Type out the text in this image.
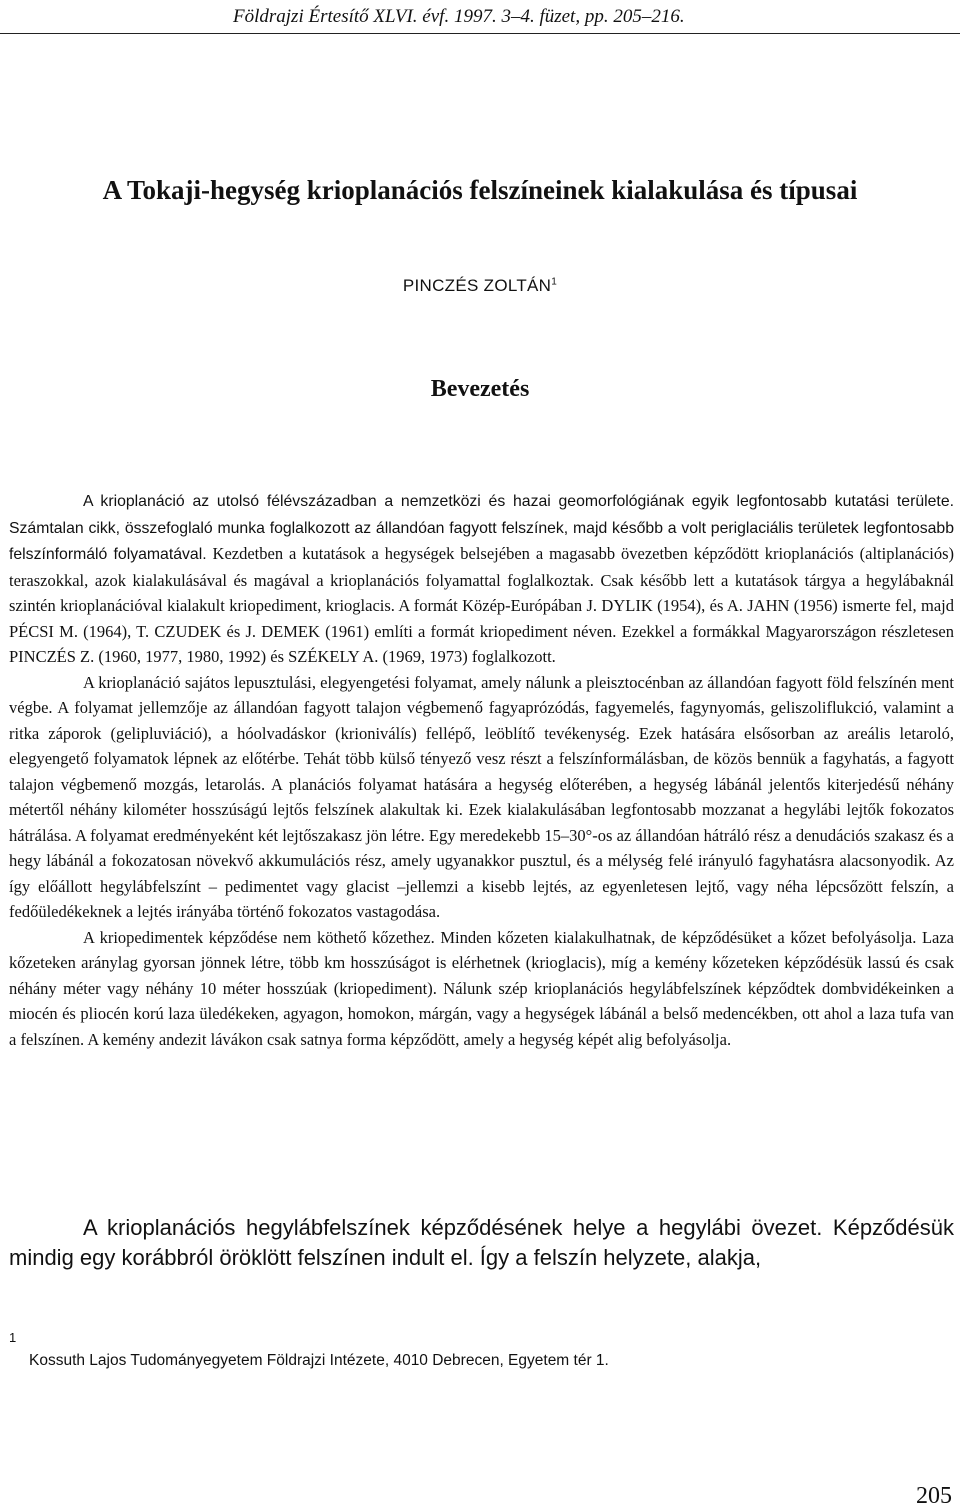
Földrajzi Értesítő XLVI. évf. 1997. 3–4. füzet, pp. 205–216.
A Tokaji-hegység krioplanációs felszíneinek kialakulása és típusai
PINCZÉS ZOLTÁN$^1$
Bevezetés

A krioplanáció az utolsó félévszázadban a nemzetközi és hazai geomorfológiának egyik legfontosabb kutatási területe. Számtalan cikk, összefoglaló munka foglalkozott az állandóan fagyott felszínek, majd később a volt periglaciális területek legfontosabb felszínformáló folyamatával. Kezdetben a kutatások a hegységek belsejében a magasabb övezetben képződött krioplanációs (altiplanációs) teraszokkal, azok kialakulásával és magával a krioplanációs folyamattal foglalkoztak. Csak később lett a kutatások tárgya a hegylábaknál szintén krioplanációval kialakult kriopediment, krioglacis. A formát Közép-Európában J. DYLIK (1954), és A. JAHN (1956) ismerte fel, majd PÉCSI M. (1964), T. CZUDEK és J. DEMEK (1961) említi a formát kriopediment néven. Ezekkel a formákkal Magyarországon részletesen PINCZÉS Z. (1960, 1977, 1980, 1992) és SZÉKELY A. (1969, 1973) foglalkozott.

A krioplanáció sajátos lepusztulási, elegyengetési folyamat, amely nálunk a pleisztocénban az állandóan fagyott föld felszínén ment végbe. A folyamat jellemzője az állandóan fagyott talajon végbemenő fagyaprózódás, fagyemelés, fagynyomás, geliszoliflukció, valamint a ritka záporok (gelipluviáció), a hóolvadáskor (krioniválís) fellépő, leöblítő tevékenység. Ezek hatására elsősorban az areális letaroló, elegyengető folyamatok lépnek az előtérbe. Tehát több külső tényező vesz részt a felszínformálásban, de közös bennük a fagyhatás, a fagyott talajon végbemenő mozgás, letarolás. A planációs folyamat hatására a hegység előterében, a hegység lábánál jelentős kiterjedésű néhány métertől néhány kilométer hosszúságú lejtős felszínek alakultak ki. Ezek kialakulásában legfontosabb mozzanat a hegylábi lejtők fokozatos hátrálása. A folyamat eredményeként két lejtőszakasz jön létre. Egy meredekebb 15–30°-os az állandóan hátráló rész a denudációs szakasz és a hegy lábánál a fokozatosan növekvő akkumulációs rész, amely ugyanakkor pusztul, és a mélység felé irányuló fagyhatásra alacsonyodik. Az így előállott hegylábfelszínt – pedimentet vagy glacist –jellemzi a kisebb lejtés, az egyenletesen lejtő, vagy néha lépcsőzött felszín, a fedőüledékeknek a lejtés irányába történő fokozatos vastagodása.

A kriopedimentek képződése nem köthető kőzethez. Minden kőzeten kialakulhatnak, de képződésüket a kőzet befolyásolja. Laza kőzeteken aránylag gyorsan jönnek létre, több km hosszúságot is elérhetnek (krioglacis), míg a kemény kőzeteken képződésük lassú és csak néhány méter vagy néhány 10 méter hosszúak (kriopediment). Nálunk szép krioplanációs hegylábfelszínek képződtek dombvidékeinken a miocén és pliocén korú laza üledékeken, agyagon, homokon, márgán, vagy a hegységek lábánál a belső medencékben, ott ahol a laza tufa van a felszínen. A kemény andezit lávákon csak satnya forma képződött, amely a hegység képét alig befolyásolja.

A krioplanációs hegylábfelszínek képződésének helye a hegylábi övezet. Képződésük mindig egy korábbról öröklött felszínen indult el. Így a felszín helyzete, alakja,
1
Kossuth Lajos Tudományegyetem Földrajzi Intézete, 4010 Debrecen, Egyetem tér 1.
205
